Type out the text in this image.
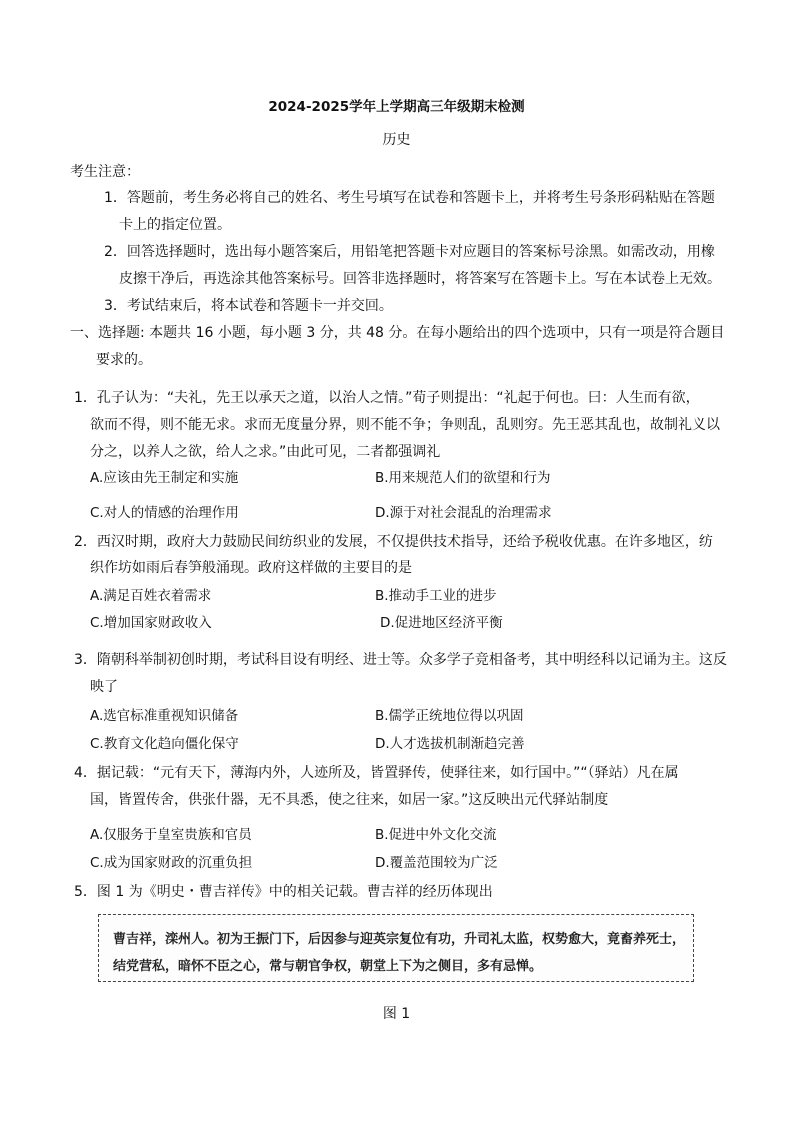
2024-2025学年上学期高三年级期末检测
历史
考生注意：
1．答题前，考生务必将自己的姓名、考生号填写在试卷和答题卡上，并将考生号条形码粘贴在答题
卡上的指定位置。
2．回答选择题时，选出每小题答案后，用铅笔把答题卡对应题目的答案标号涂黑。如需改动，用橡
皮擦干净后，再选涂其他答案标号。回答非选择题时，将答案写在答题卡上。写在本试卷上无效。
3．考试结束后，将本试卷和答题卡一并交回。
一、选择题: 本题共 16 小题，每小题 3 分，共 48 分。在每小题给出的四个选项中，只有一项是符合题目
要求的。
1．孔子认为：“夫礼，先王以承天之道，以治人之情。”荀子则提出：“礼起于何也。曰：人生而有欲，
欲而不得，则不能无求。求而无度量分界，则不能不争；争则乱，乱则穷。先王恶其乱也，故制礼义以
分之，以养人之欲，给人之求。”由此可见，二者都强调礼
A.应该由先王制定和实施	B.用来规范人们的欲望和行为
C.对人的情感的治理作用	D.源于对社会混乱的治理需求
2．西汉时期，政府大力鼓励民间纺织业的发展，不仅提供技术指导，还给予税收优惠。在许多地区，纺
织作坊如雨后春笋般涌现。政府这样做的主要目的是
A.满足百姓衣着需求	B.推动手工业的进步
C.增加国家财政收入	D.促进地区经济平衡
3．隋朝科举制初创时期，考试科目设有明经、进士等。众多学子竞相备考，其中明经科以记诵为主。这反
映了
A.选官标准重视知识储备	B.儒学正统地位得以巩固
C.教育文化趋向僵化保守	D.人才选拔机制渐趋完善
4．据记载：“元有天下，薄海内外，人迹所及，皆置驿传，使驿往来，如行国中。”“（驿站）凡在属
国，皆置传舍，供张什器，无不具悉，使之往来，如居一家。”这反映出元代驿站制度
A.仅服务于皇室贵族和官员	B.促进中外文化交流
C.成为国家财政的沉重负担	D.覆盖范围较为广泛
5．图 1 为《明史・曹吉祥传》中的相关记载。曹吉祥的经历体现出
曹吉祥，滦州人。初为王振门下，后因参与迎英宗复位有功，升司礼太监，权势愈大，竟畜养死士，
结党营私，暗怀不臣之心，常与朝官争权，朝堂上下为之侧目，多有忌惮。
图 1
